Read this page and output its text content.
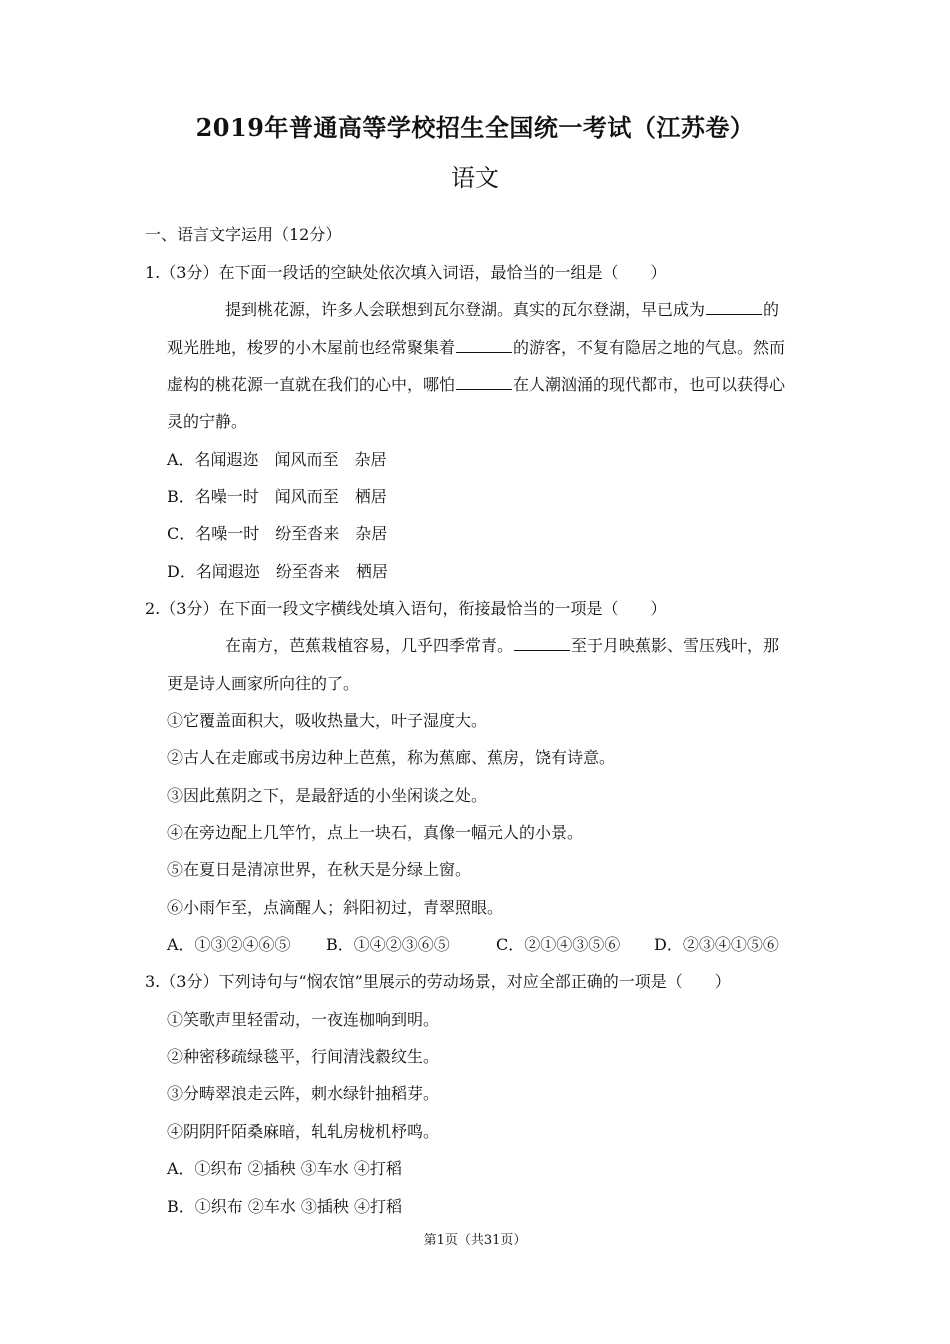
2019年普通高等学校招生全国统一考试（江苏卷）
语文
一、语言文字运用（12分）
1.（3分）在下面一段话的空缺处依次填入词语，最恰当的一组是（　　）
提到桃花源，许多人会联想到瓦尔登湖。真实的瓦尔登湖，早已成为	的
观光胜地，梭罗的小木屋前也经常聚集着	的游客，不复有隐居之地的气息。然而
虚构的桃花源一直就在我们的心中，哪怕	在人潮汹涌的现代都市，也可以获得心
灵的宁静。
A．名闻遐迩　闻风而至　杂居
B．名噪一时　闻风而至　栖居
C．名噪一时　纷至沓来　杂居
D．名闻遐迩　纷至沓来　栖居
2.（3分）在下面一段文字横线处填入语句，衔接最恰当的一项是（　　）
在南方，芭蕉栽植容易，几乎四季常青。	至于月映蕉影、雪压残叶，那
更是诗人画家所向往的了。
①它覆盖面积大，吸收热量大，叶子湿度大。
②古人在走廊或书房边种上芭蕉，称为蕉廊、蕉房，饶有诗意。
③因此蕉阴之下，是最舒适的小坐闲谈之处。
④在旁边配上几竿竹，点上一块石，真像一幅元人的小景。
⑤在夏日是清凉世界，在秋天是分绿上窗。
⑥小雨乍至，点滴醒人；斜阳初过，青翠照眼。
A．①③②④⑥⑤ B．①④②③⑥⑤	C．②①④③⑤⑥ D．②③④①⑤⑥
3.（3分）下列诗句与“悯农馆”里展示的劳动场景，对应全部正确的一项是（　　）
①笑歌声里轻雷动，一夜连枷响到明。
②种密移疏绿毯平，行间清浅縠纹生。
③分畴翠浪走云阵，刺水绿针抽稻芽。
④阴阴阡陌桑麻暗，轧轧房栊机杼鸣。
A．①织布 ②插秧 ③车水 ④打稻
B．①织布 ②车水 ③插秧 ④打稻
第1页（共31页）
